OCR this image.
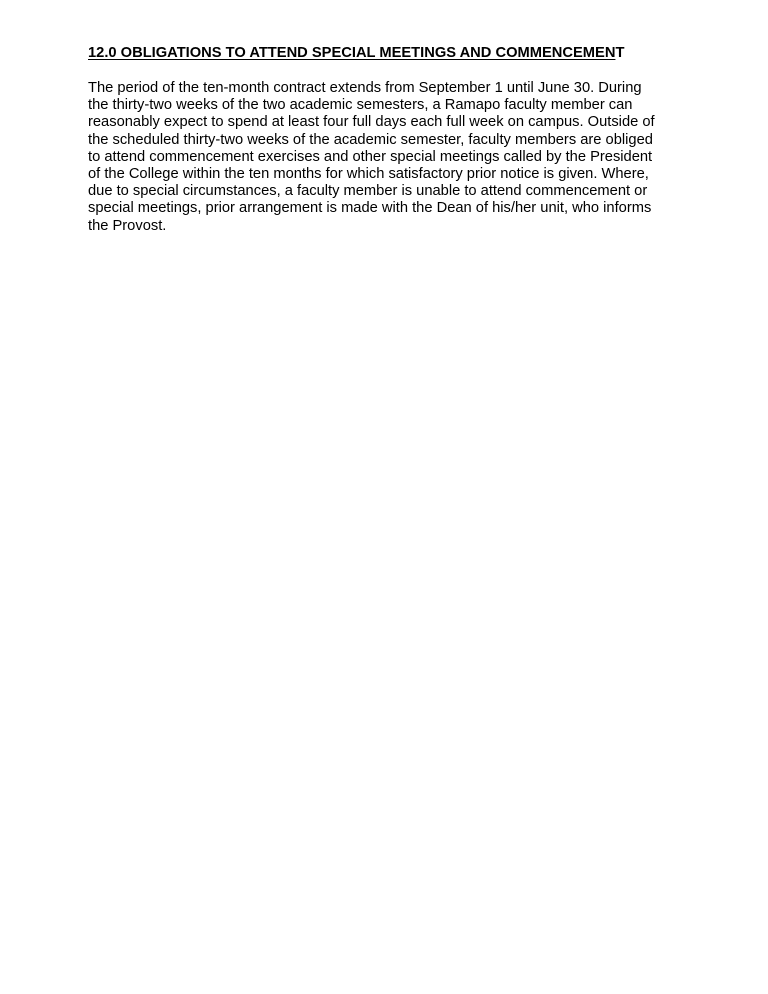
12.0 OBLIGATIONS TO ATTEND SPECIAL MEETINGS AND COMMENCEMENT

The period of the ten-month contract extends from September 1 until June 30. During
the thirty-two weeks of the two academic semesters, a Ramapo faculty member can
reasonably expect to spend at least four full days each full week on campus. Outside of
the scheduled thirty-two weeks of the academic semester, faculty members are obliged
to attend commencement exercises and other special meetings called by the President
of the College within the ten months for which satisfactory prior notice is given. Where,
due to special circumstances, a faculty member is unable to attend commencement or
special meetings, prior arrangement is made with the Dean of his/her unit, who informs
the Provost.
